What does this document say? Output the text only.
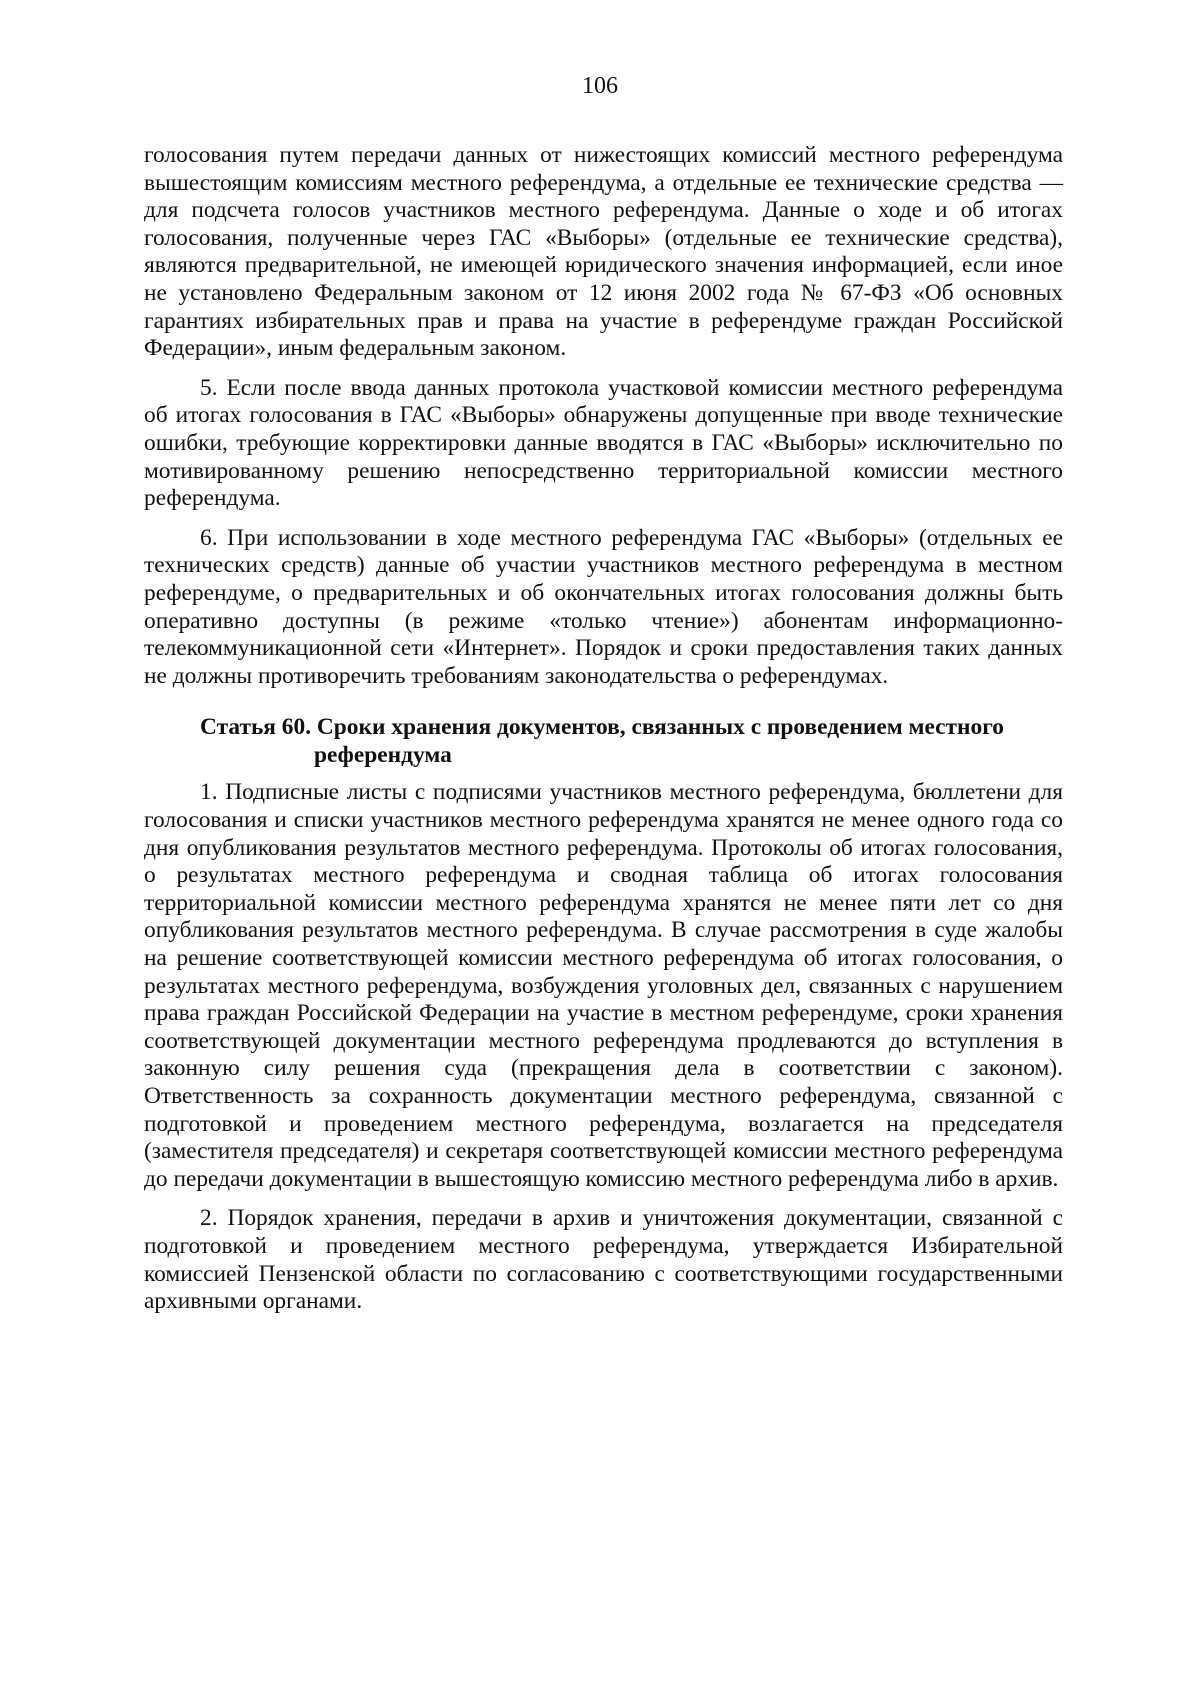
106

голосования путем передачи данных от нижестоящих комиссий местного референдума вышестоящим комиссиям местного референдума, а отдельные ее технические средства — для подсчета голосов участников местного референдума. Данные о ходе и об итогах голосования, полученные через ГАС «Выборы» (отдельные ее технические средства), являются предварительной, не имеющей юридического значения информацией, если иное не установлено Федеральным законом от 12 июня 2002 года № 67-ФЗ «Об основных гарантиях избирательных прав и права на участие в референдуме граждан Российской Федерации», иным федеральным законом.

5. Если после ввода данных протокола участковой комиссии местного референдума об итогах голосования в ГАС «Выборы» обнаружены допущенные при вводе технические ошибки, требующие корректировки данные вводятся в ГАС «Выборы» исключительно по мотивированному решению непосредственно территориальной комиссии местного референдума.

6. При использовании в ходе местного референдума ГАС «Выборы» (отдельных ее технических средств) данные об участии участников местного референдума в местном референдуме, о предварительных и об окончательных итогах голосования должны быть оперативно доступны (в режиме «только чтение») абонентам информационно-телекоммуникационной сети «Интернет». Порядок и сроки предоставления таких данных не должны противоречить требованиям законодательства о референдумах.

Статья 60. Сроки хранения документов, связанных с проведением местного
референдума

1. Подписные листы с подписями участников местного референдума, бюллетени для голосования и списки участников местного референдума хранятся не менее одного года со дня опубликования результатов местного референдума. Протоколы об итогах голосования, о результатах местного референдума и сводная таблица об итогах голосования территориальной комиссии местного референдума хранятся не менее пяти лет со дня опубликования результатов местного референдума. В случае рассмотрения в суде жалобы на решение соответствующей комиссии местного референдума об итогах голосования, о результатах местного референдума, возбуждения уголовных дел, связанных с нарушением права граждан Российской Федерации на участие в местном референдуме, сроки хранения соответствующей документации местного референдума продлеваются до вступления в законную силу решения суда (прекращения дела в соответствии с законом). Ответственность за сохранность документации местного референдума, связанной с подготовкой и проведением местного референдума, возлагается на председателя (заместителя председателя) и секретаря соответствующей комиссии местного референдума до передачи документации в вышестоящую комиссию местного референдума либо в архив.

2. Порядок хранения, передачи в архив и уничтожения документации, связанной с подготовкой и проведением местного референдума, утверждается Избирательной комиссией Пензенской области по согласованию с соответствующими государственными архивными органами.
